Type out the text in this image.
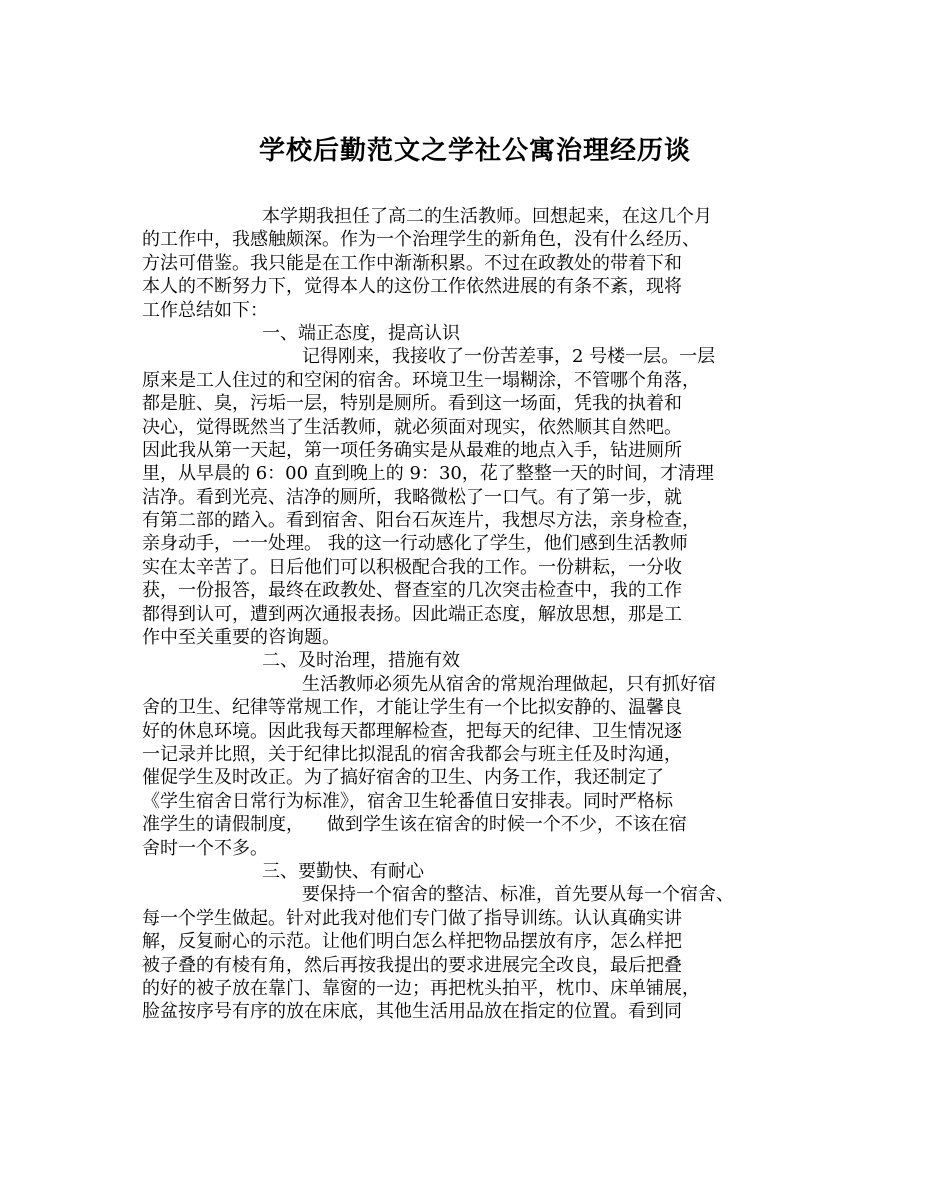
学校后勤范文之学社公寓治理经历谈
本学期我担任了高二的生活教师。回想起来，在这几个月
的工作中，我感触颇深。作为一个治理学生的新角色，没有什么经历、
方法可借鉴。我只能是在工作中渐渐积累。不过在政教处的带着下和
本人的不断努力下，觉得本人的这份工作依然进展的有条不紊，现将
工作总结如下：
一、端正态度，提高认识
记得刚来，我接收了一份苦差事，2 号楼一层。一层
原来是工人住过的和空闲的宿舍。环境卫生一塌糊涂，不管哪个角落，
都是脏、臭，污垢一层，特别是厕所。看到这一场面，凭我的执着和
决心，觉得既然当了生活教师，就必须面对现实，依然顺其自然吧。
因此我从第一天起，第一项任务确实是从最难的地点入手，钻进厕所
里，从早晨的 6：00 直到晚上的 9：30，花了整整一天的时间，才清理
洁净。看到光亮、洁净的厕所，我略微松了一口气。有了第一步，就
有第二部的踏入。看到宿舍、阳台石灰连片，我想尽方法，亲身检查，
亲身动手，一一处理。 我的这一行动感化了学生，他们感到生活教师
实在太辛苦了。日后他们可以积极配合我的工作。一份耕耘，一分收
获，一份报答，最终在政教处、督查室的几次突击检查中，我的工作
都得到认可，遭到两次通报表扬。因此端正态度，解放思想，那是工
作中至关重要的咨询题。
二、及时治理，措施有效
生活教师必须先从宿舍的常规治理做起，只有抓好宿
舍的卫生、纪律等常规工作，才能让学生有一个比拟安静的、温馨良
好的休息环境。因此我每天都理解检查，把每天的纪律、卫生情况逐
一记录并比照，关于纪律比拟混乱的宿舍我都会与班主任及时沟通，
催促学生及时改正。为了搞好宿舍的卫生、内务工作，我还制定了
《学生宿舍日常行为标准》，宿舍卫生轮番值日安排表。同时严格标
准学生的请假制度，    做到学生该在宿舍的时候一个不少，不该在宿
舍时一个不多。
三、要勤快、有耐心
要保持一个宿舍的整洁、标准，首先要从每一个宿舍、
每一个学生做起。针对此我对他们专门做了指导训练。认认真确实讲
解，反复耐心的示范。让他们明白怎么样把物品摆放有序，怎么样把
被子叠的有棱有角，然后再按我提出的要求进展完全改良，最后把叠
的好的被子放在靠门、靠窗的一边；再把枕头拍平，枕巾、床单铺展，
脸盆按序号有序的放在床底，其他生活用品放在指定的位置。看到同
